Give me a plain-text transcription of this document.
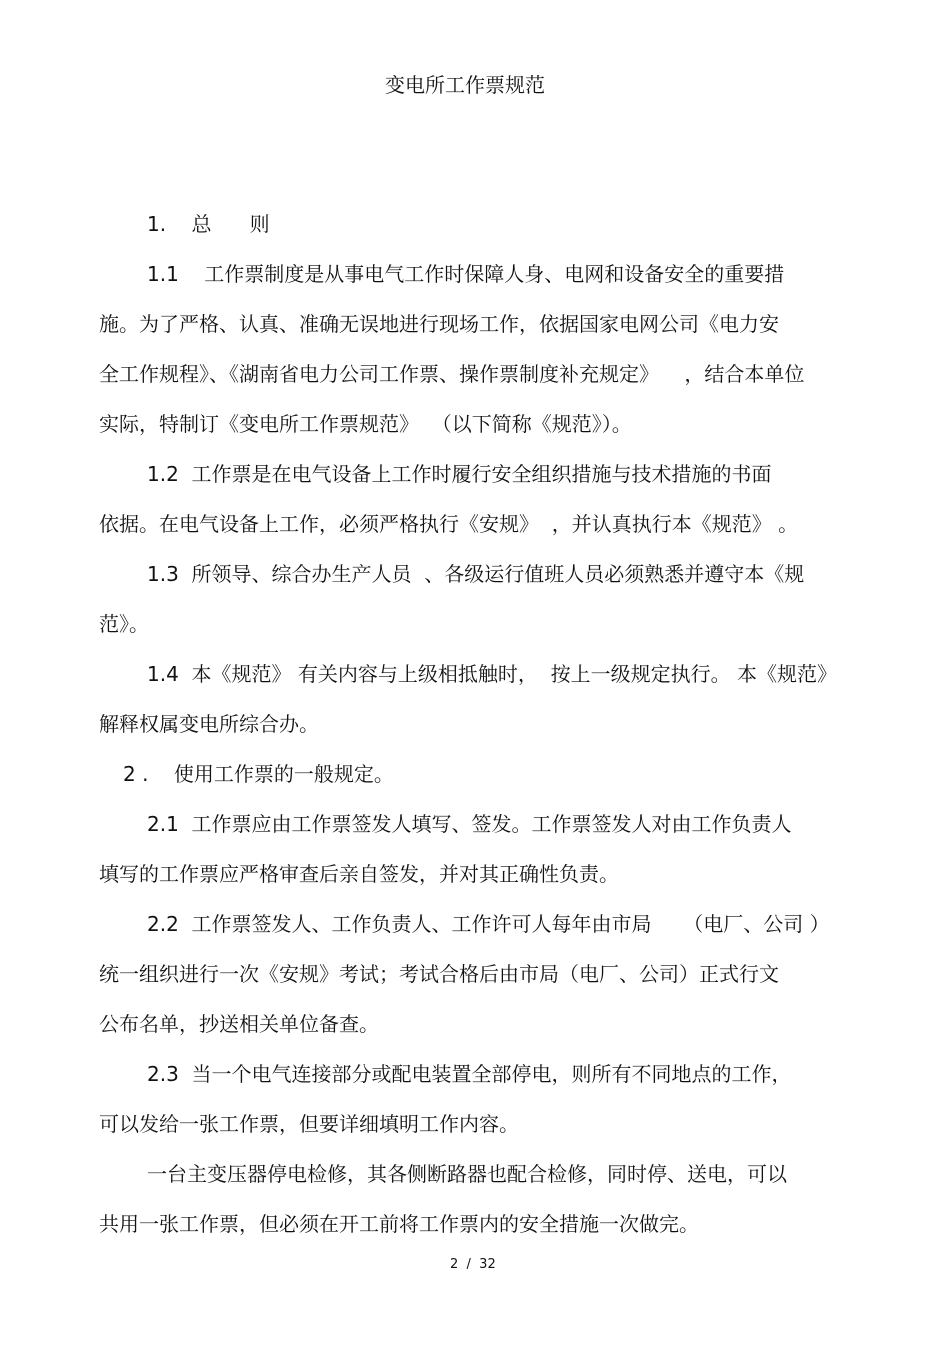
变电所工作票规范
1.    总      则
1.1    工作票制度是从事电气工作时保障人身、电网和设备安全的重要措
施。为了严格、认真、准确无误地进行现场工作，依据国家电网公司《电力安
全工作规程》、《湖南省电力公司工作票、操作票制度补充规定》    ，结合本单位
实际，特制订《变电所工作票规范》  （以下简称《规范》）。
1.2  工作票是在电气设备上工作时履行安全组织措施与技术措施的书面
依据。在电气设备上工作，必须严格执行《安规》  ，并认真执行本《规范》 。
1.3  所领导、综合办生产人员  、各级运行值班人员必须熟悉并遵守本《规
范》。
1.4  本《规范》 有关内容与上级相抵触时，  按上一级规定执行。 本《规范》
解释权属变电所综合办。
2 .    使用工作票的一般规定。
2.1  工作票应由工作票签发人填写、签发。工作票签发人对由工作负责人
填写的工作票应严格审查后亲自签发，并对其正确性负责。
2.2  工作票签发人、工作负责人、工作许可人每年由市局     （电厂、公司 ）
统一组织进行一次《安规》考试；考试合格后由市局（电厂、公司）正式行文
公布名单，抄送相关单位备查。
2.3  当一个电气连接部分或配电装置全部停电，则所有不同地点的工作，
可以发给一张工作票，但要详细填明工作内容。
一台主变压器停电检修，其各侧断路器也配合检修，同时停、送电，可以
共用一张工作票，但必须在开工前将工作票内的安全措施一次做完。
2  /  32
